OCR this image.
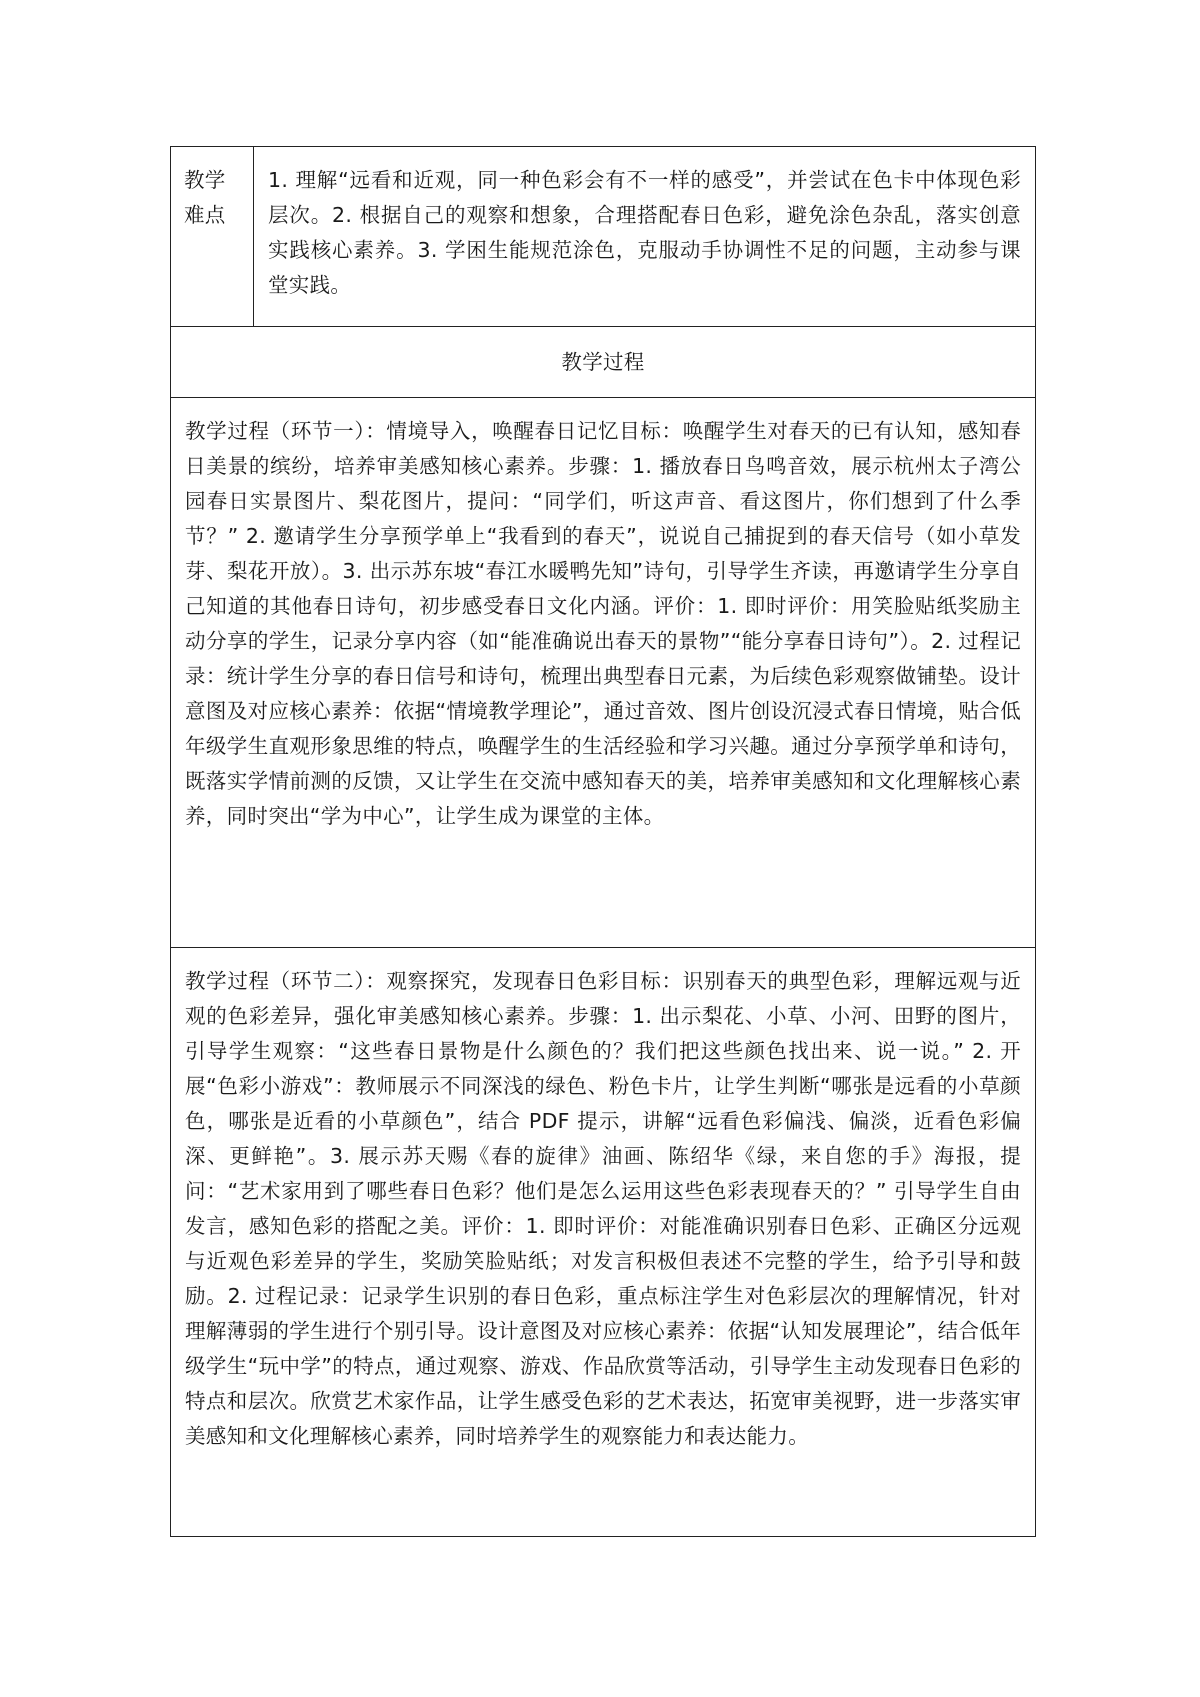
教学难点	

1. 理解“远看和近观，同一种色彩会有不一样的感受”，并尝试在色卡中体现色彩层次。2. 根据自己的观察和想象，合理搭配春日色彩，避免涂色杂乱，落实创意实践核心素养。3. 学困生能规范涂色，克服动手协调性不足的问题，主动参与课堂实践。

教学过程

教学过程（环节一）：情境导入，唤醒春日记忆目标：唤醒学生对春天的已有认知，感知春日美景的缤纷，培养审美感知核心素养。步骤：1. 播放春日鸟鸣音效，展示杭州太子湾公园春日实景图片、梨花图片，提问：“同学们，听这声音、看这图片，你们想到了什么季节？” 2. 邀请学生分享预学单上“我看到的春天”，说说自己捕捉到的春天信号（如小草发芽、梨花开放）。3. 出示苏东坡“春江水暖鸭先知”诗句，引导学生齐读，再邀请学生分享自己知道的其他春日诗句，初步感受春日文化内涵。评价：1. 即时评价：用笑脸贴纸奖励主动分享的学生，记录分享内容（如“能准确说出春天的景物”“能分享春日诗句”）。2. 过程记录：统计学生分享的春日信号和诗句，梳理出典型春日元素，为后续色彩观察做铺垫。设计意图及对应核心素养：依据“情境教学理论”，通过音效、图片创设沉浸式春日情境，贴合低年级学生直观形象思维的特点，唤醒学生的生活经验和学习兴趣。通过分享预学单和诗句，既落实学情前测的反馈，又让学生在交流中感知春天的美，培养审美感知和文化理解核心素养，同时突出“学为中心”，让学生成为课堂的主体。

教学过程（环节二）：观察探究，发现春日色彩目标：识别春天的典型色彩，理解远观与近观的色彩差异，强化审美感知核心素养。步骤：1. 出示梨花、小草、小河、田野的图片，引导学生观察：“这些春日景物是什么颜色的？我们把这些颜色找出来、说一说。” 2. 开展“色彩小游戏”：教师展示不同深浅的绿色、粉色卡片，让学生判断“哪张是远看的小草颜色，哪张是近看的小草颜色”，结合 PDF 提示，讲解“远看色彩偏浅、偏淡，近看色彩偏深、更鲜艳”。3. 展示苏天赐《春的旋律》油画、陈绍华《绿，来自您的手》海报，提问：“艺术家用到了哪些春日色彩？他们是怎么运用这些色彩表现春天的？” 引导学生自由发言，感知色彩的搭配之美。评价：1. 即时评价：对能准确识别春日色彩、正确区分远观与近观色彩差异的学生，奖励笑脸贴纸；对发言积极但表述不完整的学生，给予引导和鼓励。2. 过程记录：记录学生识别的春日色彩，重点标注学生对色彩层次的理解情况，针对理解薄弱的学生进行个别引导。设计意图及对应核心素养：依据“认知发展理论”，结合低年级学生“玩中学”的特点，通过观察、游戏、作品欣赏等活动，引导学生主动发现春日色彩的特点和层次。欣赏艺术家作品，让学生感受色彩的艺术表达，拓宽审美视野，进一步落实审美感知和文化理解核心素养，同时培养学生的观察能力和表达能力。
